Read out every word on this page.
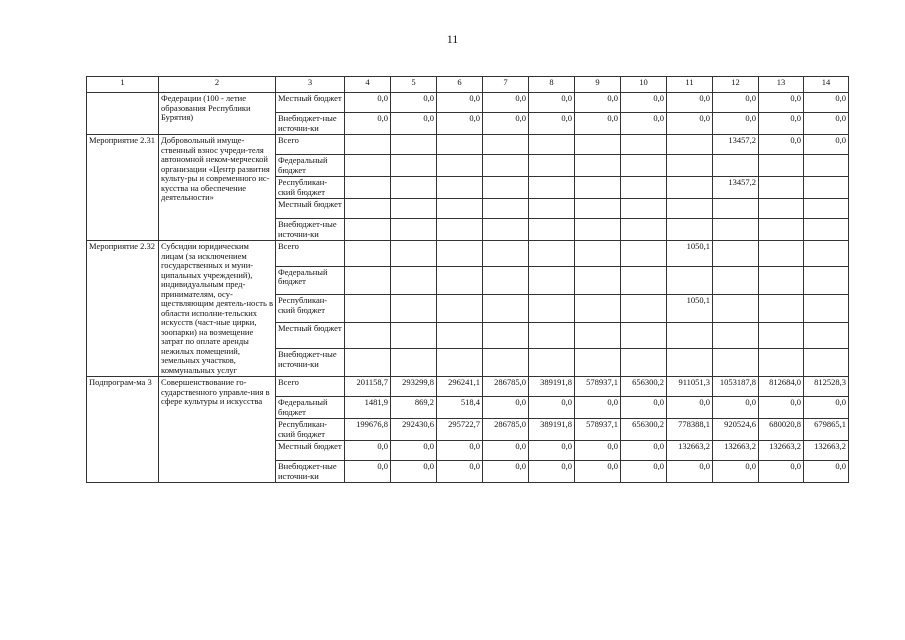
11
1	2	3	4	5	6	7	8	9	10	11	12	13	14
	Федерации (100 - летие образования Республики Бурятия)	Местный бюджет	0,0	0,0	0,0	0,0	0,0	0,0	0,0	0,0	0,0	0,0	0,0
		Внебюджет-ные источни-ки	0,0	0,0	0,0	0,0	0,0	0,0	0,0	0,0	0,0	0,0	0,0
Мероприятие 2.31	Добровольный имуще-ственный взнос учреди-теля автономной неком-мерческой организации «Центр развития культу-ры и современного ис-кусства на обеспечение деятельности»	Всего									13457,2	0,0	0,0
		Федеральный бюджет											
		Республикан-ский бюджет									13457,2		
		Местный бюджет											
		Внебюджет-ные источни-ки											
Мероприятие 2.32	Субсидии юридическим лицам (за исключением государственных и муни-ципальных учреждений), индивидуальным пред-принимателям, осу-ществляющим деятель-ность в области исполни-тельских искусств (част-ные цирки, зоопарки) на возмещение затрат по оплате аренды нежилых помещений, земельных участков, коммунальных услуг	Всего								1050,1			
		Федеральный бюджет											
		Республикан-ский бюджет								1050,1			
		Местный бюджет											
		Внебюджет-ные источни-ки											
Подпрограм-ма 3	Совершенствование го-сударственного управле-ния в сфере культуры и искусства	Всего	201158,7	293299,8	296241,1	286785,0	389191,8	578937,1	656300,2	911051,3	1053187,8	812684,0	812528,3
		Федеральный бюджет	1481,9	869,2	518,4	0,0	0,0	0,0	0,0	0,0	0,0	0,0	0,0
		Республикан-ский бюджет	199676,8	292430,6	295722,7	286785,0	389191,8	578937,1	656300,2	778388,1	920524,6	680020,8	679865,1
		Местный бюджет	0,0	0,0	0,0	0,0	0,0	0,0	0,0	132663,2	132663,2	132663,2	132663,2
		Внебюджет-ные источни-ки	0,0	0,0	0,0	0,0	0,0	0,0	0,0	0,0	0,0	0,0	0,0
